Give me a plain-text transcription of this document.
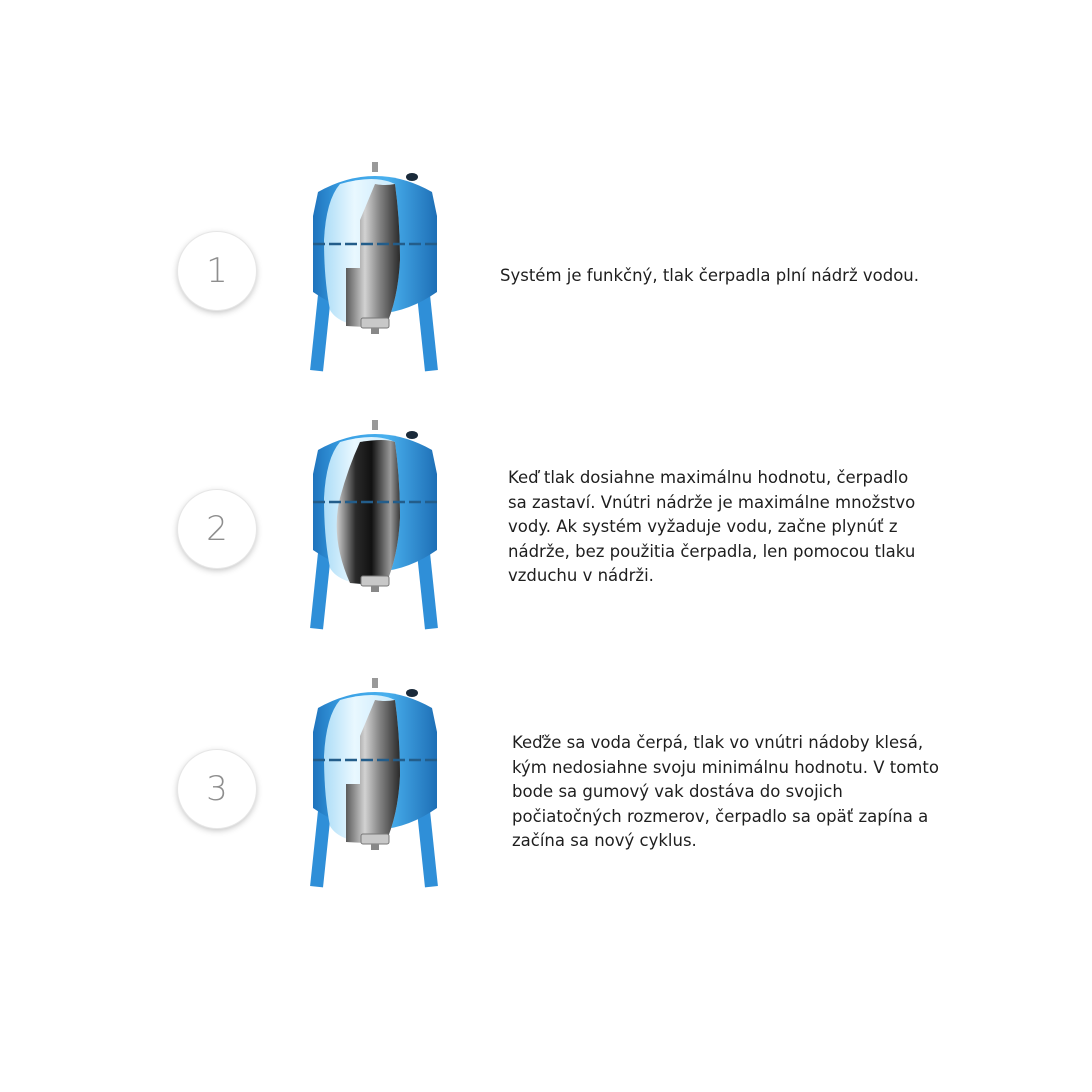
1	Systém je funkčný, tlak čerpadla plní nádrž vodou.

2

Keď tlak dosiahne maximálnu hodnotu, čerpadlo sa zastaví. Vnútri nádrže je maximálne množstvo vody. Ak systém vyžaduje vodu, začne plynúť z nádrže, bez použitia čerpadla, len pomocou tlaku vzduchu v nádrži.

3

Keďže sa voda čerpá, tlak vo vnútri nádoby klesá, kým nedosiahne svoju minimálnu hodnotu. V tomto bode sa gumový vak dostáva do svojich počiatočných rozmerov, čerpadlo sa opäť zapína a začína sa nový cyklus.
